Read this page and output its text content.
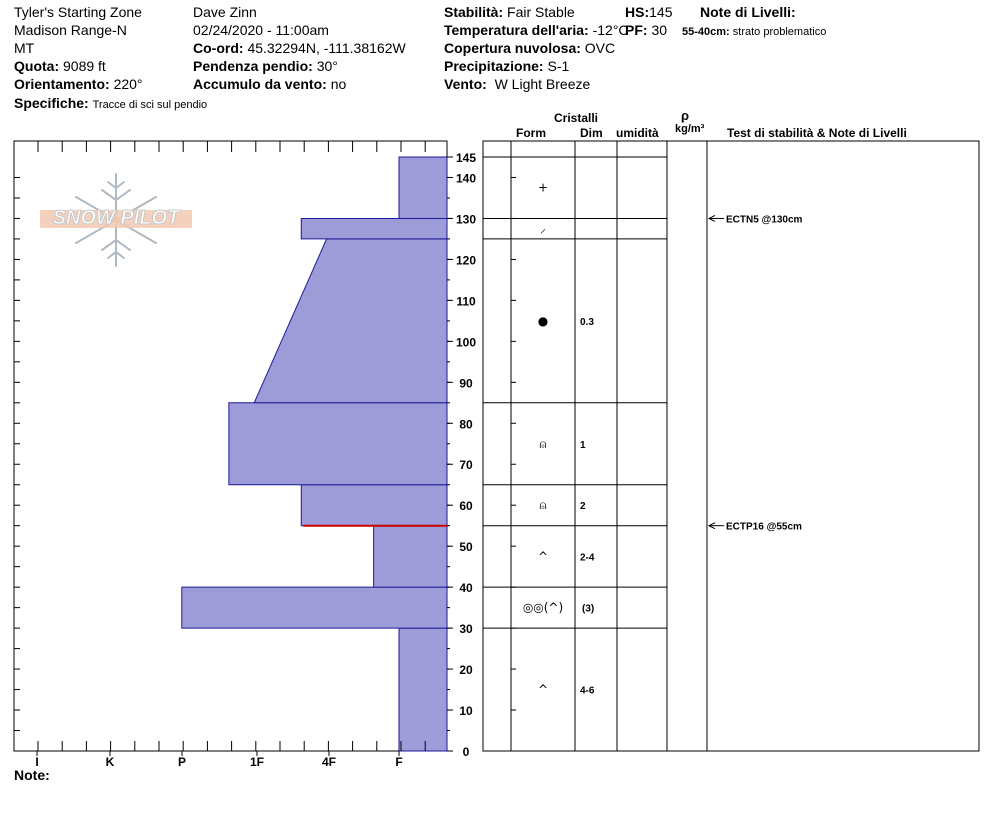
Tyler's Starting Zone
Madison Range-N
MT
Quota: 9089 ft
Orientamento: 220°
Specifiche: Tracce di sci sul pendio
Dave Zinn
02/24/2020 - 11:00am
Co-ord: 45.32294N, -111.38162W
Pendenza pendio: 30°
Accumulo da vento: no
Stabilità: Fair Stable
Temperatura dell'aria: -12°C
Copertura nuvolosa: OVC
Precipitazione: S-1
Vento: W Light Breeze
HS:145
PF: 30
Note di Livelli:
55-40cm: strato problematico
Cristalli
Form	Dim umidità
ρ
kg/m³ Test di stabilità & Note di Livelli
Note:
SNOW PILOT
I	K	P	1F	4F	F
0
10
20
30
40
50
60
70
80
90
100
110
120
130
140
145
^	4-6
◎◎(^) (3)
^	2-4
⍝	2
⍝	1
●	0.3
⸝
+
ECTN5 @130cm
ECTP16 @55cm
